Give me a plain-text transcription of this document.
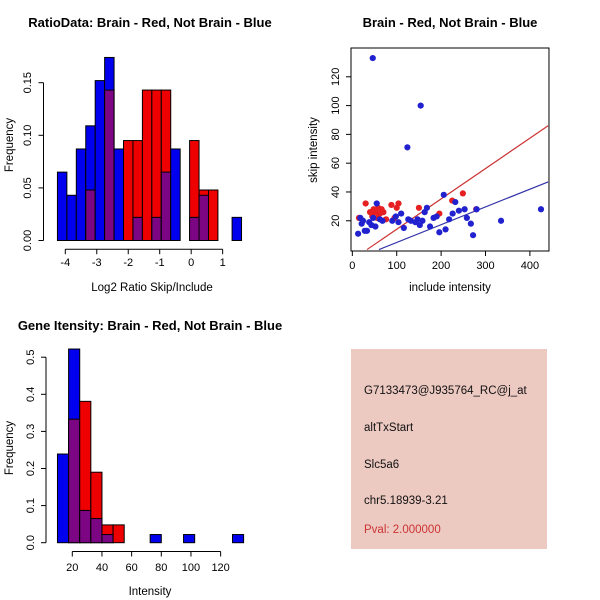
RatioData: Brain - Red, Not Brain - Blue
Log2 Ratio Skip/Include
Frequency
Brain - Red, Not Brain - Blue
include intensity
skip intensity
Gene Itensity: Brain - Red, Not Brain - Blue
Intensity
Frequency
0.00
0.05
0.10
0.15
-4 -3 -2 -1 0 1	0	100 200 300 400
20
40
60
80
100
120
0.0
0.1
0.2
0.3
0.4
0.5
20 40 60 80 100 120
G7133473@J935764_RC@j_at
altTxStart
Slc5a6
chr5.18939-3.21
Pval: 2.000000
